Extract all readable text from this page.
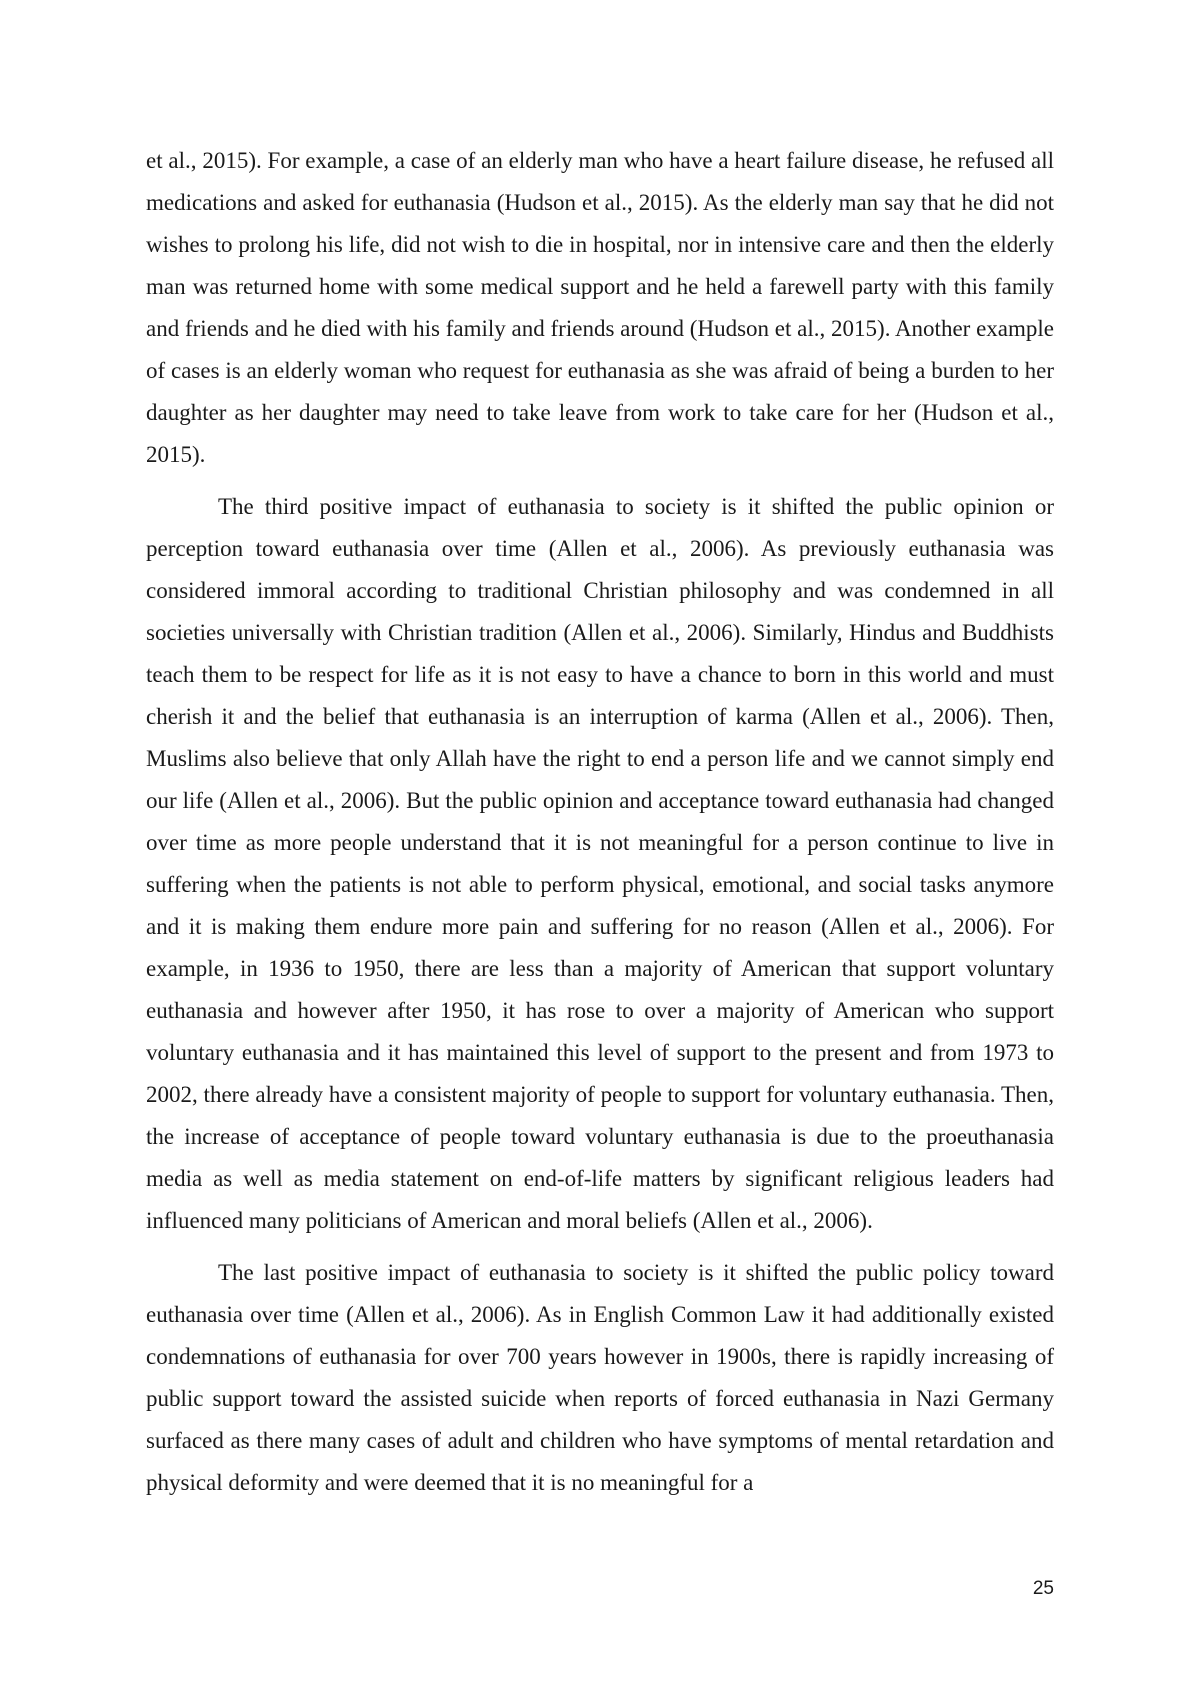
et al., 2015). For example, a case of an elderly man who have a heart failure disease, he refused all medications and asked for euthanasia (Hudson et al., 2015). As the elderly man say that he did not wishes to prolong his life, did not wish to die in hospital, nor in intensive care and then the elderly man was returned home with some medical support and he held a farewell party with this family and friends and he died with his family and friends around (Hudson et al., 2015). Another example of cases is an elderly woman who request for euthanasia as she was afraid of being a burden to her daughter as her daughter may need to take leave from work to take care for her (Hudson et al., 2015).

The third positive impact of euthanasia to society is it shifted the public opinion or perception toward euthanasia over time (Allen et al., 2006). As previously euthanasia was considered immoral according to traditional Christian philosophy and was condemned in all societies universally with Christian tradition (Allen et al., 2006). Similarly, Hindus and Buddhists teach them to be respect for life as it is not easy to have a chance to born in this world and must cherish it and the belief that euthanasia is an interruption of karma (Allen et al., 2006). Then, Muslims also believe that only Allah have the right to end a person life and we cannot simply end our life (Allen et al., 2006). But the public opinion and acceptance toward euthanasia had changed over time as more people understand that it is not meaningful for a person continue to live in suffering when the patients is not able to perform physical, emotional, and social tasks anymore and it is making them endure more pain and suffering for no reason (Allen et al., 2006). For example, in 1936 to 1950, there are less than a majority of American that support voluntary euthanasia and however after 1950, it has rose to over a majority of American who support voluntary euthanasia and it has maintained this level of support to the present and from 1973 to 2002, there already have a consistent majority of people to support for voluntary euthanasia. Then, the increase of acceptance of people toward voluntary euthanasia is due to the proeuthanasia media as well as media statement on end-of-life matters by significant religious leaders had influenced many politicians of American and moral beliefs (Allen et al., 2006).

The last positive impact of euthanasia to society is it shifted the public policy toward euthanasia over time (Allen et al., 2006). As in English Common Law it had additionally existed condemnations of euthanasia for over 700 years however in 1900s, there is rapidly increasing of public support toward the assisted suicide when reports of forced euthanasia in Nazi Germany surfaced as there many cases of adult and children who have symptoms of mental retardation and physical deformity and were deemed that it is no meaningful for a

25
